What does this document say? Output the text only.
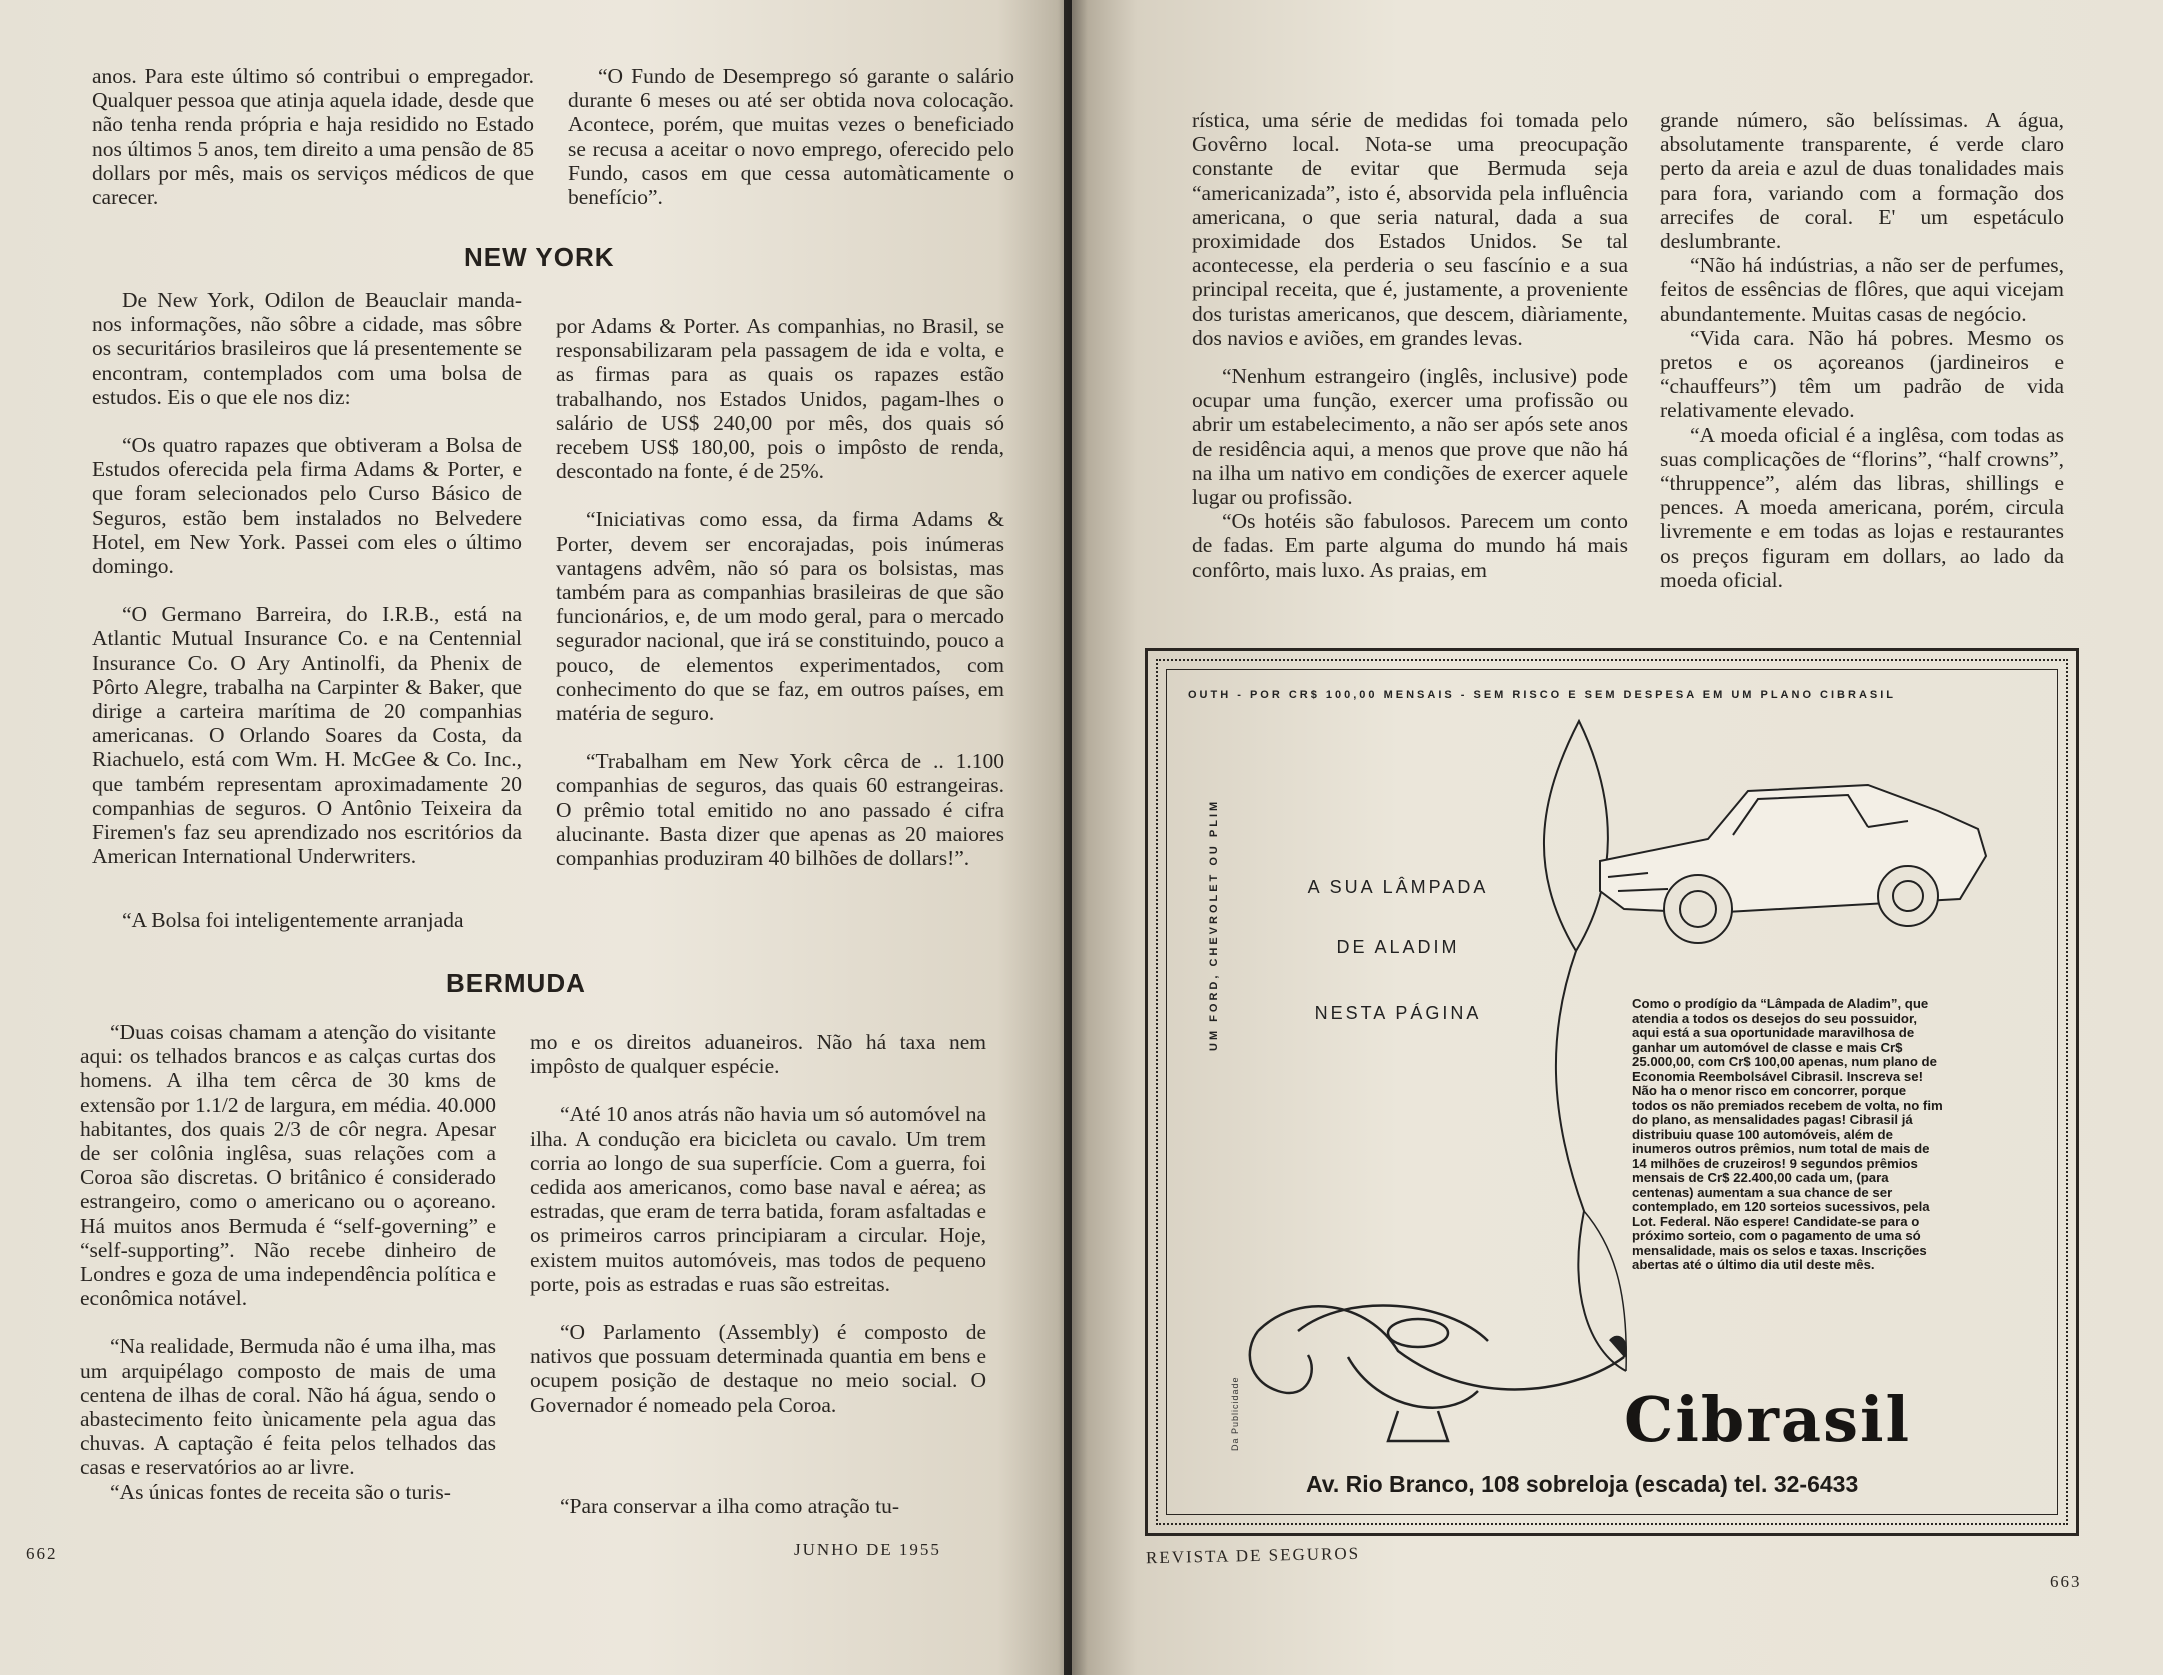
anos. Para este último só contribui o empregador. Qualquer pessoa que atinja aquela idade, desde que não tenha renda própria e haja residido no Estado nos últimos 5 anos, tem direito a uma pensão de 85 dollars por mês, mais os serviços médicos de que carecer.

“O Fundo de Desemprego só garante o salário durante 6 meses ou até ser obtida nova colocação. Acontece, porém, que muitas vezes o beneficiado se recusa a aceitar o novo emprego, oferecido pelo Fundo, casos em que cessa automàticamente o benefício”.

NEW YORK

De New York, Odilon de Beauclair manda-nos informações, não sôbre a cidade, mas sôbre os securitários brasileiros que lá presentemente se encontram, contemplados com uma bolsa de estudos. Eis o que ele nos diz:

“Os quatro rapazes que obtiveram a Bolsa de Estudos oferecida pela firma Adams & Porter, e que foram selecionados pelo Curso Básico de Seguros, estão bem instalados no Belvedere Hotel, em New York. Passei com eles o último domingo.

“O Germano Barreira, do I.R.B., está na Atlantic Mutual Insurance Co. e na Centennial Insurance Co. O Ary Antinolfi, da Phenix de Pôrto Alegre, trabalha na Carpinter & Baker, que dirige a carteira marítima de 20 companhias americanas. O Orlando Soares da Costa, da Riachuelo, está com Wm. H. McGee & Co. Inc., que também representam aproximadamente 20 companhias de seguros. O Antônio Teixeira da Firemen's faz seu aprendizado nos escritórios da American International Underwriters.

“A Bolsa foi inteligentemente arranjada

por Adams & Porter. As companhias, no Brasil, se responsabilizaram pela passagem de ida e volta, e as firmas para as quais os rapazes estão trabalhando, nos Estados Unidos, pagam-lhes o salário de US$ 240,00 por mês, dos quais só recebem US$ 180,00, pois o impôsto de renda, descontado na fonte, é de 25%.

“Iniciativas como essa, da firma Adams & Porter, devem ser encorajadas, pois inúmeras vantagens advêm, não só para os bolsistas, mas também para as companhias brasileiras de que são funcionários, e, de um modo geral, para o mercado segurador nacional, que irá se constituindo, pouco a pouco, de elementos experimentados, com conhecimento do que se faz, em outros países, em matéria de seguro.

“Trabalham em New York cêrca de .. 1.100 companhias de seguros, das quais 60 estrangeiras. O prêmio total emitido no ano passado é cifra alucinante. Basta dizer que apenas as 20 maiores companhias produziram 40 bilhões de dollars!”.

BERMUDA

“Duas coisas chamam a atenção do visitante aqui: os telhados brancos e as calças curtas dos homens. A ilha tem cêrca de 30 kms de extensão por 1.1/2 de largura, em média. 40.000 habitantes, dos quais 2/3 de côr negra. Apesar de ser colônia inglêsa, suas relações com a Coroa são discretas. O britânico é considerado estrangeiro, como o americano ou o açoreano. Há muitos anos Bermuda é “self-governing” e “self-supporting”. Não recebe dinheiro de Londres e goza de uma independência política e econômica notável.

“Na realidade, Bermuda não é uma ilha, mas um arquipélago composto de mais de uma centena de ilhas de coral. Não há água, sendo o abastecimento feito ùnicamente pela agua das chuvas. A captação é feita pelos telhados das casas e reservatórios ao ar livre.

“As únicas fontes de receita são o turis-

mo e os direitos aduaneiros. Não há taxa nem impôsto de qualquer espécie.

“Até 10 anos atrás não havia um só automóvel na ilha. A condução era bicicleta ou cavalo. Um trem corria ao longo de sua superfície. Com a guerra, foi cedida aos americanos, como base naval e aérea; as estradas, que eram de terra batida, foram asfaltadas e os primeiros carros principiaram a circular. Hoje, existem muitos automóveis, mas todos de pequeno porte, pois as estradas e ruas são estreitas.

“O Parlamento (Assembly) é composto de nativos que possuam determinada quantia em bens e ocupem posição de destaque no meio social. O Governador é nomeado pela Coroa.

“Para conservar a ilha como atração tu-

662	JUNHO DE 1955

rística, uma série de medidas foi tomada pelo Govêrno local. Nota-se uma preocupação constante de evitar que Bermuda seja “americanizada”, isto é, absorvida pela influência americana, o que seria natural, dada a sua proximidade dos Estados Unidos. Se tal acontecesse, ela perderia o seu fascínio e a sua principal receita, que é, justamente, a proveniente dos turistas americanos, que descem, diàriamente, dos navios e aviões, em grandes levas.

“Nenhum estrangeiro (inglês, inclusive) pode ocupar uma função, exercer uma profissão ou abrir um estabelecimento, a não ser após sete anos de residência aqui, a menos que prove que não há na ilha um nativo em condições de exercer aquele lugar ou profissão.

“Os hotéis são fabulosos. Parecem um conto de fadas. Em parte alguma do mundo há mais confôrto, mais luxo. As praias, em

grande número, são belíssimas. A água, absolutamente transparente, é verde claro perto da areia e azul de duas tonalidades mais para fora, variando com a formação dos arrecifes de coral. E' um espetáculo deslumbrante.

“Não há indústrias, a não ser de perfumes, feitos de essências de flôres, que aqui vicejam abundantemente. Muitas casas de negócio.

“Vida cara. Não há pobres. Mesmo os pretos e os açoreanos (jardineiros e “chauffeurs”) têm um padrão de vida relativamente elevado.

“A moeda oficial é a inglêsa, com todas as suas complicações de “florins”, “half crowns”, “thruppence”, além das libras, shillings e pences. A moeda americana, porém, circula livremente e em todas as lojas e restaurantes os preços figuram em dollars, ao lado da moeda oficial.

OUTH - POR CR$ 100,00 MENSAIS - SEM RISCO E SEM DESPESA EM UM PLANO CIBRASIL
UM FORD, CHEVROLET OU PLIM
Da Publicidade
A SUA LÂMPADA
DE ALADIM
NESTA PÁGINA	Como o prodígio da “Lâmpada de Aladim”, que atendia a todos os desejos do seu possuidor, aqui está a sua oportunidade maravilhosa de ganhar um automóvel de classe e mais Cr$ 25.000,00, com Cr$ 100,00 apenas, num plano de Economia Reembolsável Cibrasil. Inscreva se! Não ha o menor risco em concorrer, porque todos os não premiados recebem de volta, no fim do plano, as mensalidades pagas! Cibrasil já distribuiu quase 100 automóveis, além de inumeros outros prêmios, num total de mais de 14 milhões de cruzeiros! 9 segundos prêmios mensais de Cr$ 22.400,00 cada um, (para centenas) aumentam a sua chance de ser contemplado, em 120 sorteios sucessivos, pela Lot. Federal. Não espere! Candidate-se para o próximo sorteio, com o pagamento de uma só mensalidade, mais os selos e taxas. Inscrições abertas até o último dia util deste mês.
Cibrasil
Av. Rio Branco, 108 sobreloja (escada) tel. 32-6433
REVISTA DE SEGUROS
663
